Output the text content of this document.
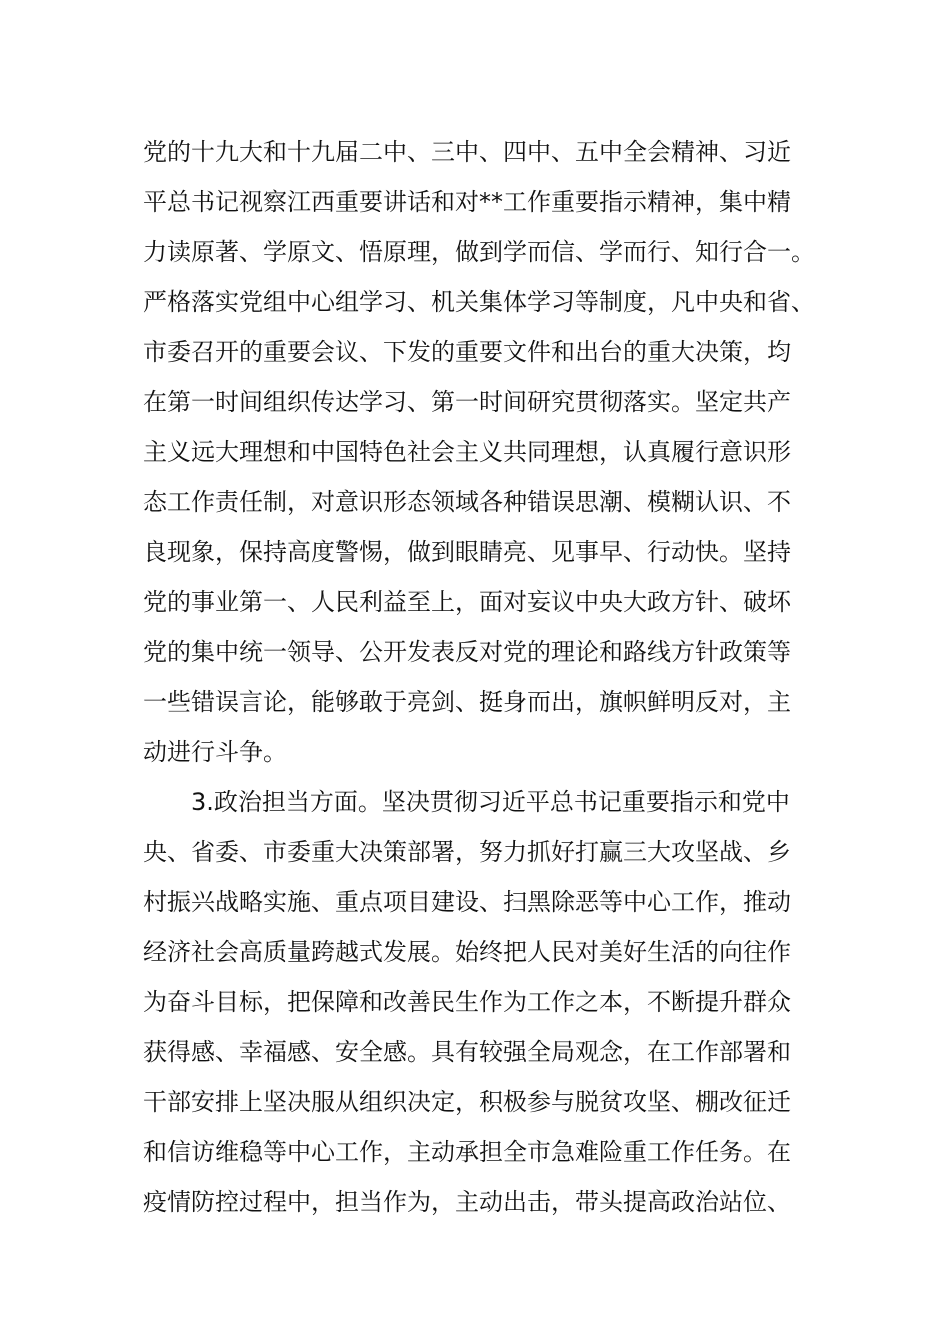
党的十九大和十九届二中、三中、四中、五中全会精神、习近
平总书记视察江西重要讲话和对**工作重要指示精神，集中精
力读原著、学原文、悟原理，做到学而信、学而行、知行合一。
严格落实党组中心组学习、机关集体学习等制度，凡中央和省、
市委召开的重要会议、下发的重要文件和出台的重大决策，均
在第一时间组织传达学习、第一时间研究贯彻落实。坚定共产
主义远大理想和中国特色社会主义共同理想，认真履行意识形
态工作责任制，对意识形态领域各种错误思潮、模糊认识、不
良现象，保持高度警惕，做到眼睛亮、见事早、行动快。坚持
党的事业第一、人民利益至上，面对妄议中央大政方针、破坏
党的集中统一领导、公开发表反对党的理论和路线方针政策等
一些错误言论，能够敢于亮剑、挺身而出，旗帜鲜明反对，主
动进行斗争。
　　3.政治担当方面。坚决贯彻习近平总书记重要指示和党中
央、省委、市委重大决策部署，努力抓好打赢三大攻坚战、乡
村振兴战略实施、重点项目建设、扫黑除恶等中心工作，推动
经济社会高质量跨越式发展。始终把人民对美好生活的向往作
为奋斗目标，把保障和改善民生作为工作之本，不断提升群众
获得感、幸福感、安全感。具有较强全局观念，在工作部署和
干部安排上坚决服从组织决定，积极参与脱贫攻坚、棚改征迁
和信访维稳等中心工作，主动承担全市急难险重工作任务。在
疫情防控过程中，担当作为，主动出击，带头提高政治站位、
